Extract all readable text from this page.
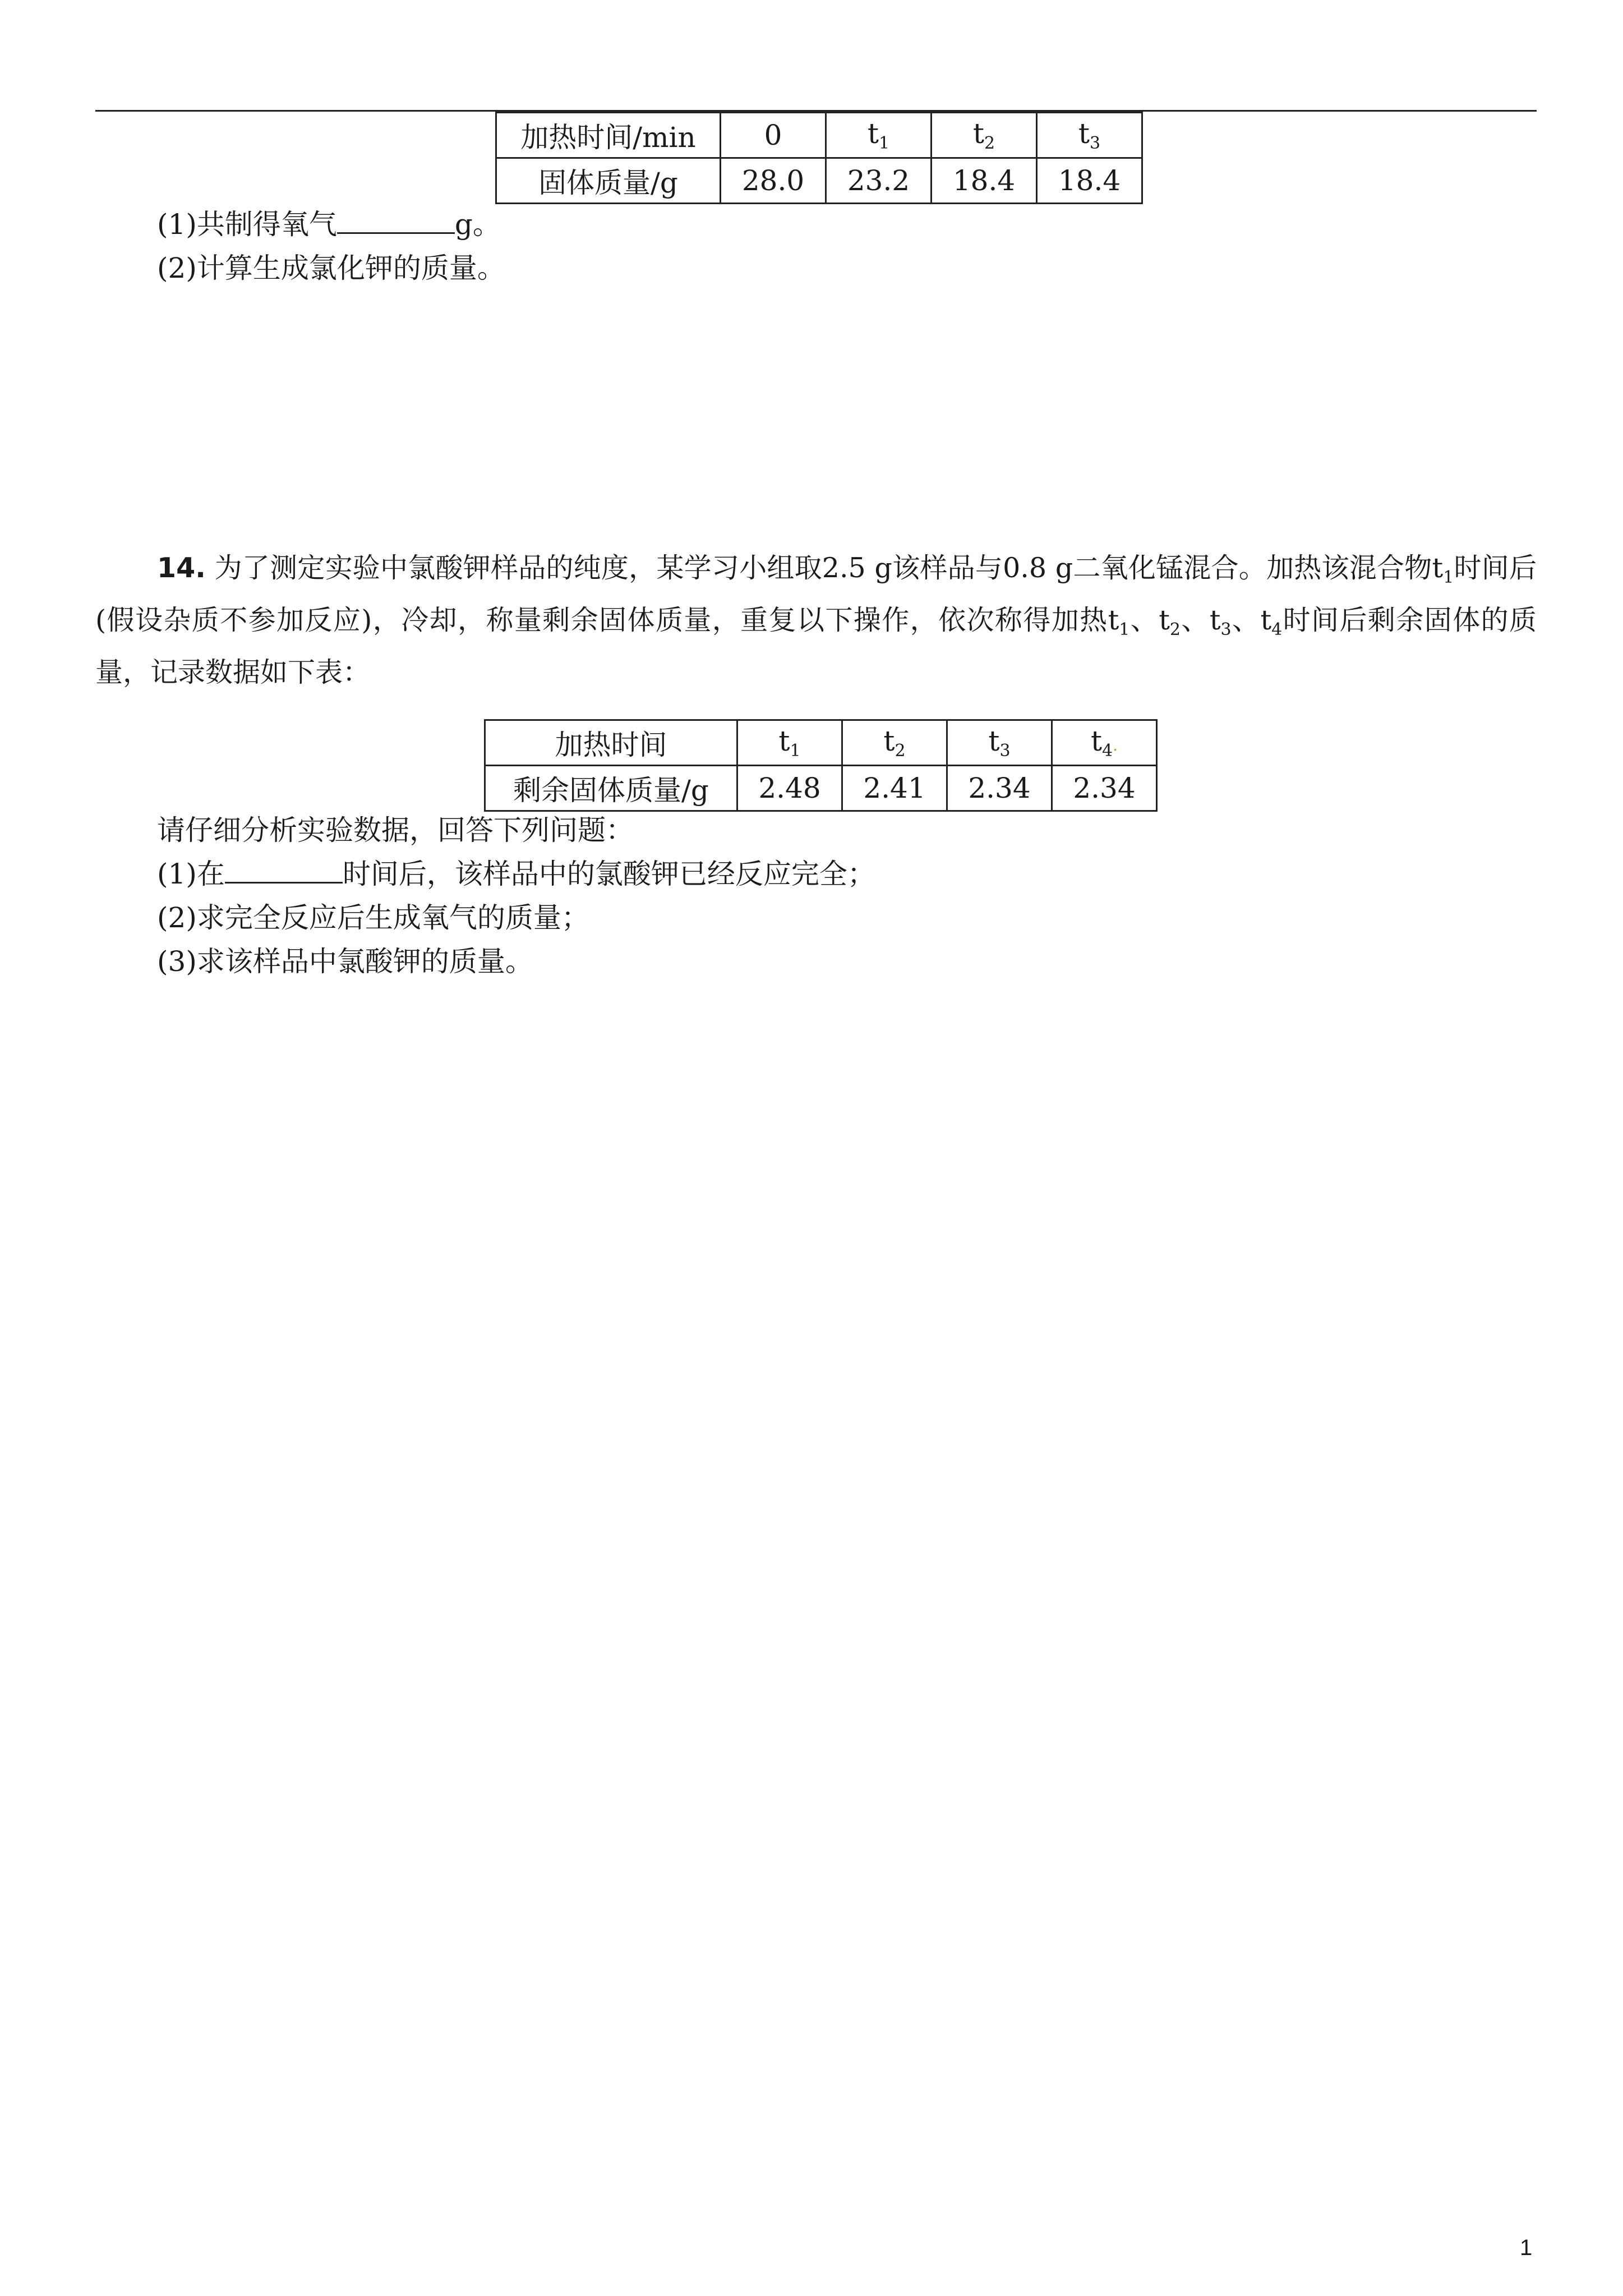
加热时间/min	0	$t_1$	$t_2$	$t_3$
固体质量/g	28.0	23.2	18.4	18.4
(1)共制得氧气	g。
(2)计算生成氯化钾的质量。
14. 为了测定实验中氯酸钾样品的纯度，某学习小组取2.5 g该样品与0.8 g二氧化锰混合。加热该混合物$t_1$时间后(假设杂质不参加反应)，冷却，称量剩余固体质量，重复以下操作，依次称得加热$t_1$、$t_2$、$t_3$、$t_4$时间后剩余固体的质量，记录数据如下表：
加热时间	$t_1$	$t_2$	$t_3$	$t_4$.
剩余固体质量/g	2.48	2.41	2.34	2.34
请仔细分析实验数据，回答下列问题：
(1)在	时间后，该样品中的氯酸钾已经反应完全；
(2)求完全反应后生成氧气的质量；
(3)求该样品中氯酸钾的质量。
1
